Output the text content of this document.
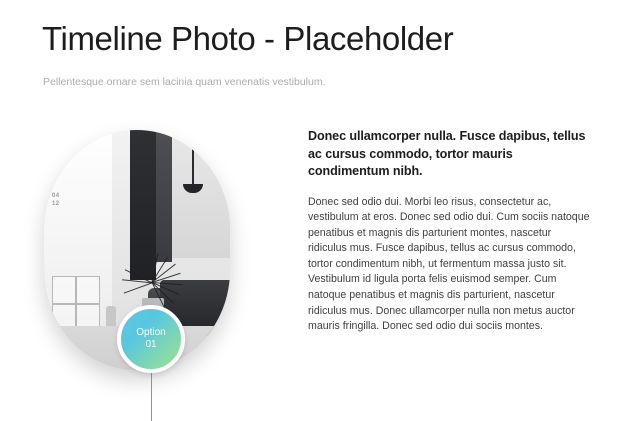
Timeline Photo - Placeholder
Pellentesque ornare sem lacinia quam venenatis vestibulum.
04
12
Option
01

Donec ullamcorper nulla. Fusce dapibus, tellus ac cursus commodo, tortor mauris condimentum nibh.

Donec sed odio dui. Morbi leo risus, consectetur ac, vestibulum at eros. Donec sed odio dui. Cum sociis natoque penatibus et magnis dis parturient montes, nascetur ridiculus mus. Fusce dapibus, tellus ac cursus commodo, tortor condimentum nibh, ut fermentum massa justo sit. Vestibulum id ligula porta felis euismod semper. Cum natoque penatibus et magnis dis parturient, nascetur ridiculus mus. Donec ullamcorper nulla non metus auctor mauris fringilla. Donec sed odio dui sociis montes.
